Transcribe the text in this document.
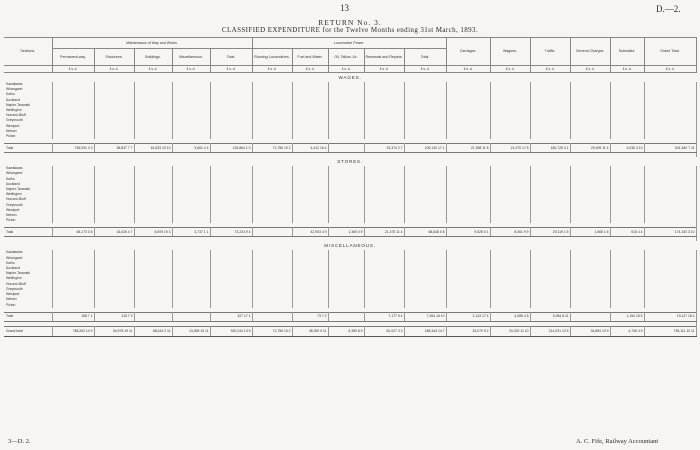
13	D.—2.
RETURN No. 3.
CLASSIFIED EXPENDITURE for the Twelve Months ending 31st March, 1893.
Sections.	Maintenance of Way and Works.					Locomotive Power.					Carriages.	Wagons.	Traffic.	General Charges.	Subsidies.	Grand Total.
	Permanent-way.	Structures.	Buildings.	Miscellaneous.	Total.	Running Locomotives.	Fuel and Water.	Oil, Tallow, &c.	Renewals and Repairs.	Total.						
	£ s. d.	£ s. d.	£ s. d.	£ s. d.	£ s. d.	£ s. d.	£ s. d.	£ s. d.	£ s. d.	£ s. d.	£ s. d.	£ s. d.	£ s. d.	£ s. d.	£ s. d.	£ s. d.
WAGES.																
Kawakawa																
Whangarei																
Kaihu																
Auckland																
Napier-Taranaki																
Wellington																
Hurunui-Bluff																
Greymouth																
Westport																
Nelson																
Picton																

Total	736,931 4 3	38,837 7 7	61,633 19 10	9,661 4 4	126,864 1 0	71,756 10 2	4,412 16 4		33,374 2 7	109,130 17 1	21,398 11 8	21,470 17 8	180,728 3 1	25,499 11 4	3,036 3 10	541,840 7 11

STORES.																
Kawakawa																
Whangarei																
Kaihu																
Auckland																
Napier-Taranaki																
Wellington																
Hurunui-Bluff																
Greymouth																
Westport																
Nelson																
Picton																

Total	48,173 3 5	16,026 4 7	6,009 19 3	3,737 1 1	73,224 9 4		42,903 4 9	1,369 0 9	21,475 11 4	68,848 0 8	9,528 0 1	8,061 9 9	29,119 1 5	1,565 1 6	515 4 4	174,153 3 10

MISCELLANEOUS.																
Kawakawa																
Whangarei																
Kaihu																
Auckland																
Napier-Taranaki																
Wellington																
Hurunui-Bluff																
Greymouth																
Westport																
Nelson																
Picton																

Total	158 7 1	115 7 9			327 17 1		73 7 2		7,177 9 4	7,264 16 10	2,143 17 4	4,088 4 5	5,084 8 11		1,154 15 5	19,117 18 4

Grand total	785,262 14 9	54,978 19 11	68,044 2 11	13,398 15 11	920,244 13 5	71,756 10 2	48,392 9 11	5,389 8 9	62,027 3 3	185,343 14 7	33,070 9 2	33,320 11 10	214,931 13 5	34,894 13 9	4,736 4 9	735,111 10 11
3—D. 2.	A. C. Fife, Railway Accountant
